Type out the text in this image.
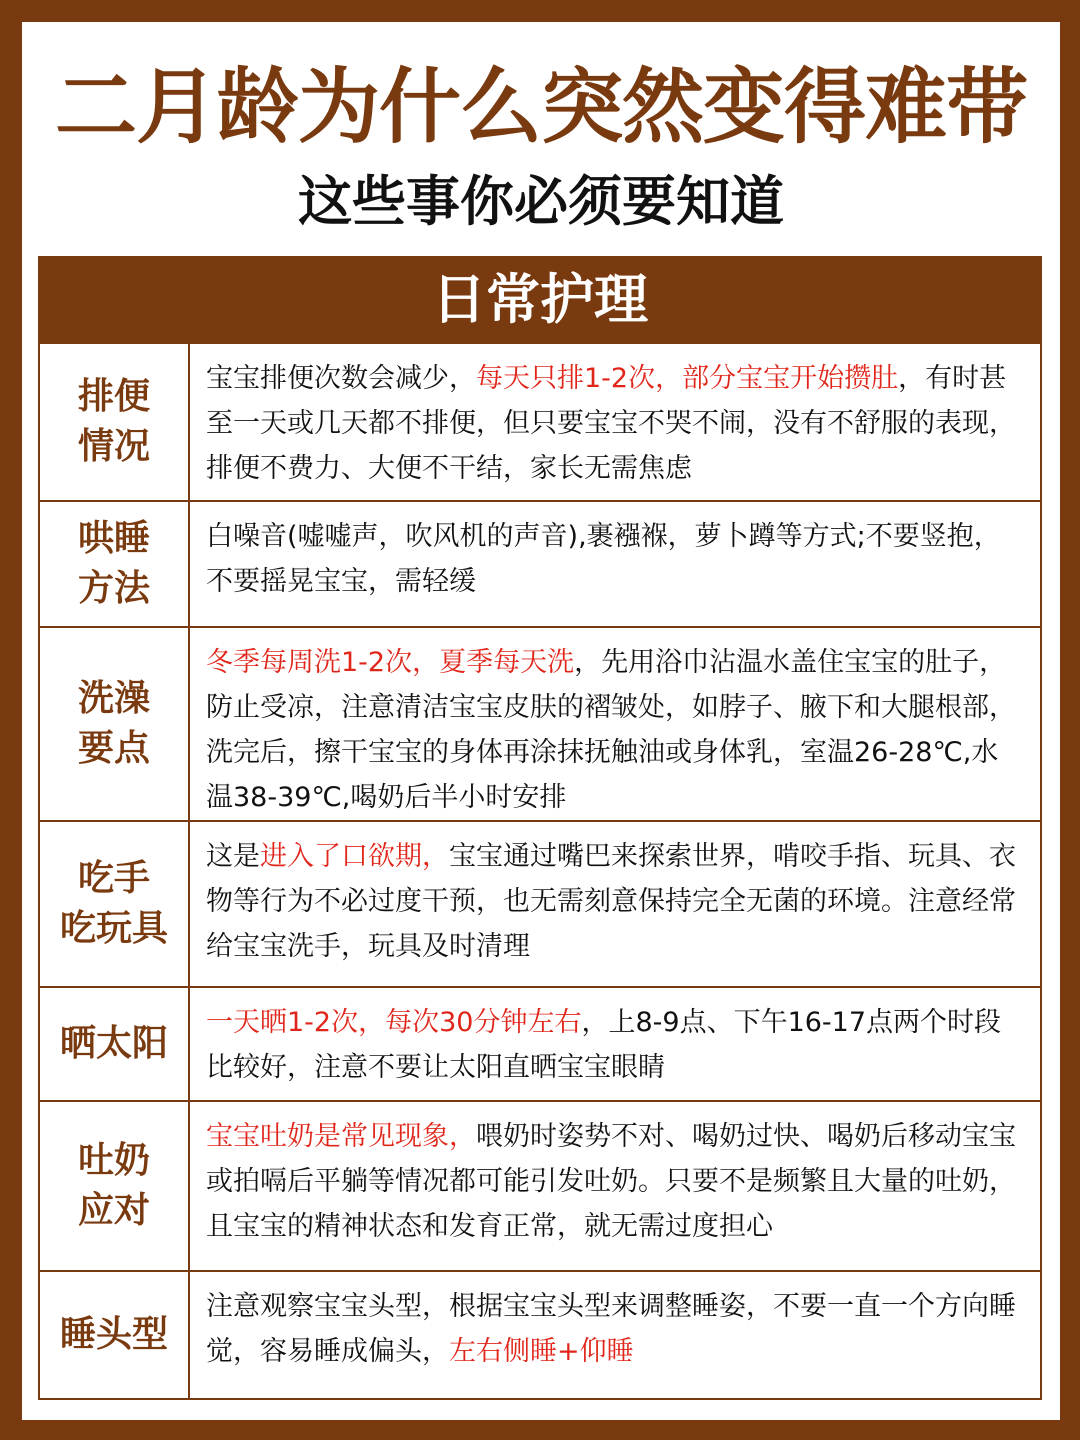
二月龄为什么突然变得难带
这些事你必须要知道
日常护理
排便
情况
宝宝排便次数会减少，每天只排1-2次，部分宝宝开始攒肚，有时甚至一天或几天都不排便，但只要宝宝不哭不闹，没有不舒服的表现，排便不费力、大便不干结，家长无需焦虑
哄睡
方法
白噪音(嘘嘘声，吹风机的声音),裹襁褓，萝卜蹲等方式;不要竖抱，不要摇晃宝宝，需轻缓
洗澡
要点
冬季每周洗1-2次，夏季每天洗，先用浴巾沾温水盖住宝宝的肚子，防止受凉，注意清洁宝宝皮肤的褶皱处，如脖子、腋下和大腿根部，洗完后，擦干宝宝的身体再涂抹抚触油或身体乳，室温26-28℃,水温38-39℃,喝奶后半小时安排
吃手
吃玩具
这是进入了口欲期，宝宝通过嘴巴来探索世界，啃咬手指、玩具、衣物等行为不必过度干预，也无需刻意保持完全无菌的环境。注意经常给宝宝洗手，玩具及时清理
晒太阳
一天晒1-2次，每次30分钟左右，上8-9点、下午16-17点两个时段比较好，注意不要让太阳直晒宝宝眼睛
吐奶
应对
宝宝吐奶是常见现象，喂奶时姿势不对、喝奶过快、喝奶后移动宝宝或拍嗝后平躺等情况都可能引发吐奶。只要不是频繁且大量的吐奶，且宝宝的精神状态和发育正常，就无需过度担心
睡头型
注意观察宝宝头型，根据宝宝头型来调整睡姿，不要一直一个方向睡觉，容易睡成偏头，左右侧睡+仰睡
